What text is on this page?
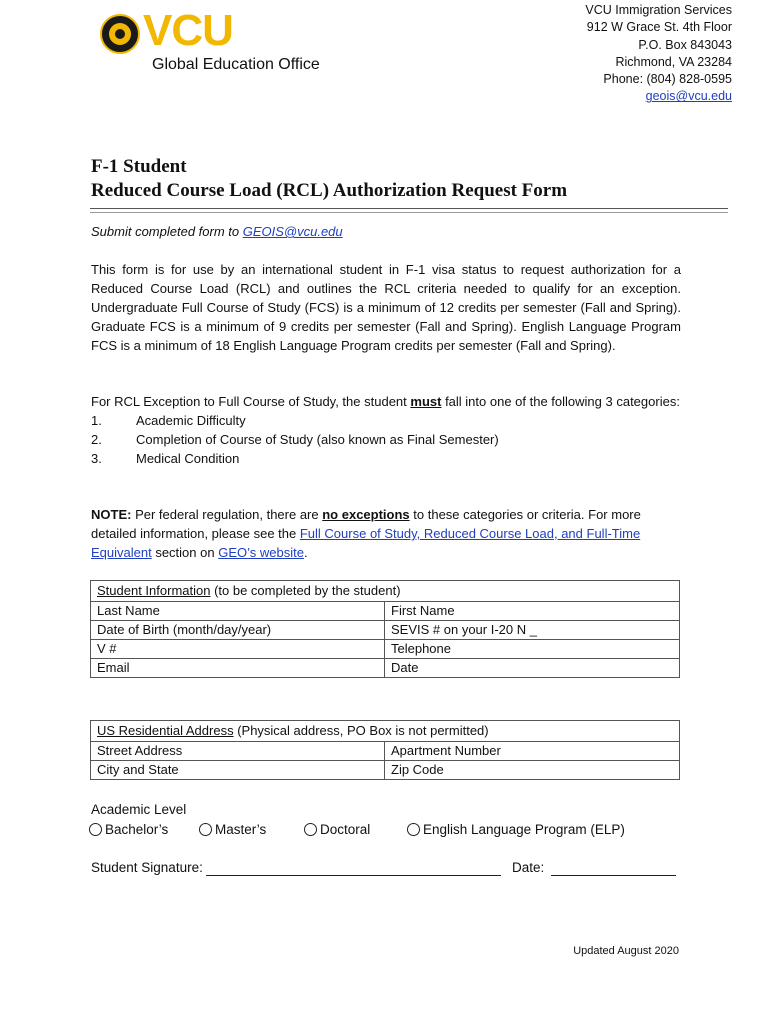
VCU
Global Education Office
VCU Immigration Services
912 W Grace St. 4th Floor
P.O. Box 843043
Richmond, VA 23284
Phone: (804) 828-0595
geois@vcu.edu
F-1 Student
Reduced Course Load (RCL) Authorization Request Form
Submit completed form to GEOIS@vcu.edu
This form is for use by an international student in F-1 visa status to request authorization for a Reduced Course Load (RCL) and outlines the RCL criteria needed to qualify for an exception. Undergraduate Full Course of Study (FCS) is a minimum of 12 credits per semester (Fall and Spring). Graduate FCS is a minimum of 9 credits per semester (Fall and Spring). English Language Program FCS is a minimum of 18 English Language Program credits per semester (Fall and Spring).
For RCL Exception to Full Course of Study, the student must fall into one of the following 3 categories:
1.	Academic Difficulty
2.	Completion of Course of Study (also known as Final Semester)
3.	Medical Condition
NOTE: Per federal regulation, there are no exceptions to these categories or criteria. For more detailed information, please see the Full Course of Study, Reduced Course Load, and Full-Time Equivalent section on GEO’s website.
Student Information (to be completed by the student)	
Last Name	First Name
Date of Birth (month/day/year)	SEVIS # on your I-20 N _
V #	Telephone
Email	Date
US Residential Address (Physical address, PO Box is not permitted)	
Street Address	Apartment Number
City and State	Zip Code
Academic Level
Bachelor’s	Master’s	Doctoral	English Language Program (ELP)
Student Signature:	Date:
Updated August 2020
